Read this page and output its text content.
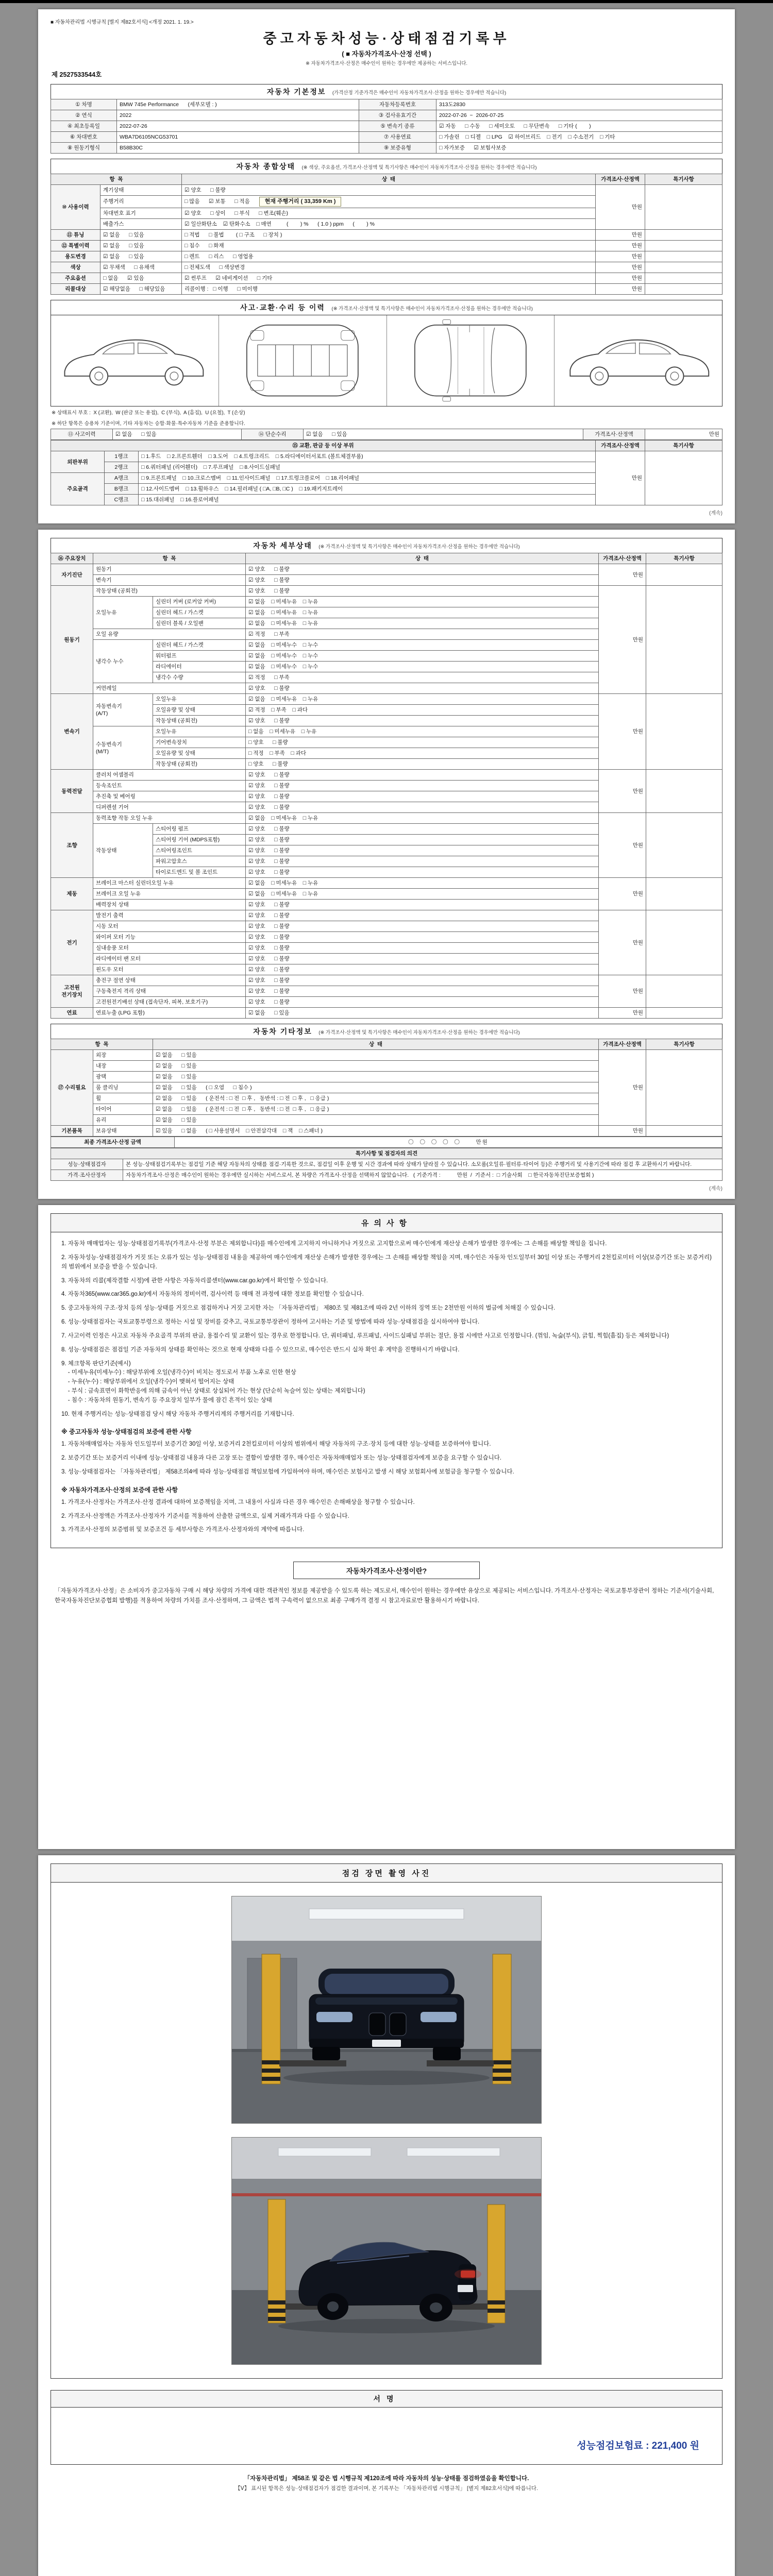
■ 자동차관리법 시행규칙 [별지 제82호서식] <개정 2021. 1. 19.>
중고자동차성능·상태점검기록부
( ■ 자동차가격조사·산정 선택 )
※ 자동차가격조사·산정은 매수인이 원하는 경우에만 제공하는 서비스입니다.
제 2527533544호
자동차 기본정보 (가격산정 기준가격은 매수인이 자동차가격조사·산정을 원하는 경우에만 적습니다)
① 차명	BMW 745e Performance      (세부모델 : )	자동차등록번호	313도2830
② 연식	2022	③ 검사유효기간	2022-07-26  ~  2026-07-25
④ 최초등록일	2022-07-26	⑤ 변속기 종류	☑ 자동      □ 수동      □ 세미오토      □ 무단변속      □ 기타 (        )
⑥ 차대번호	WBA7D6105NCG53701	⑦ 사용연료	□ 가솔린    □ 디젤    □ LPG    ☑ 하이브리드    □ 전기    □ 수소전기    □ 기타
⑧ 원동기형식	B58B30C	⑨ 보증유형	□ 자가보증      ☑ 보험사보증
자동차 종합상태 (※ 색상, 주요옵션, 가격조사·산정액 및 특기사항은 매수인이 자동차가격조사·산정을 원하는 경우에만 적습니다)
항  목		상  태	가격조사·산정액	특기사항
⑩ 사용이력	계기상태	☑ 양호      □ 불량	만원	
	주행거리	□ 많음      ☑ 보통      □ 적음 현재 주행거리 ( 33,359 Km )		
	차대번호 표기	☑ 양호      □ 상이      □ 부식      □ 변조(훼손)		
	배출가스	☑ 일산화탄소    ☑ 탄화수소    □ 매연          (        ) %      ( 1.0 ) ppm      (        ) %		
⑪ 튜닝	☑ 없음      □ 있음	□ 적법      □ 불법        ( □ 구조      □ 장치 )	만원	
⑫ 특별이력	☑ 없음      □ 있음	□ 침수      □ 화재	만원	
용도변경	☑ 없음      □ 있음	□ 렌트      □ 리스      □ 영업용	만원	
색상	☑ 무채색      □ 유채색	□ 전체도색      □ 색상변경	만원	
주요옵션	□ 없음      ☑ 있음	☑ 썬루프      ☑ 네비게이션      □ 기타	만원	
리콜대상	☑ 해당없음      □ 해당있음	리콜이행 :   □ 이행      □ 미이행	만원	
사고·교환·수리 등 이력 (※ 가격조사·산정액 및 특기사항은 매수인이 자동차가격조사·산정을 원하는 경우에만 적습니다)
※ 상태표시 부호 :  X (교환),  W (판금 또는 용접),  C (부식),  A (흠집),  U (요철),  T (손상)
※ 하단 항목은 승용차 기준이며, 기타 자동차는 승합·화물·특수자동차 기준을 준용합니다.
⑬ 사고이력	☑ 없음      □ 있음	⑭ 단순수리	☑ 없음      □ 있음	가격조사·산정액	만원
⑮ 교환, 판금 등 이상 부위			가격조사·산정액	특기사항
외판부위	1랭크	□ 1.후드    □ 2.프론트휀더    □ 3.도어    □ 4.트렁크리드    □ 5.라디에이터서포트 (볼트체결부품)	만원	
	2랭크	□ 6.쿼터패널 (리어휀더)    □ 7.루프패널    □ 8.사이드실패널		
주요골격	A랭크	□ 9.프론트패널    □ 10.크로스멤버    □ 11.인사이드패널    □ 17.트렁크플로어    □ 18.리어패널		
	B랭크	□ 12.사이드멤버    □ 13.휠하우스    □ 14.필러패널 ( □A, □B, □C )    □ 19.패키지트레이		
	C랭크	□ 15.대쉬패널    □ 16.플로어패널		
(계속)
자동차 세부상태 (※ 가격조사·산정액 및 특기사항은 매수인이 자동차가격조사·산정을 원하는 경우에만 적습니다)
⑯ 주요장치	항  목		상  태	가격조사·산정액	특기사항
자기진단	원동기		☑ 양호      □ 불량	만원	
	변속기		☑ 양호      □ 불량		
원동기	작동상태 (공회전)		☑ 양호      □ 불량	만원	
	오일누유	실린더 커버 (로커암 커버)	☑ 없음    □ 미세누유    □ 누유		
		실린더 헤드 / 가스켓	☑ 없음    □ 미세누유    □ 누유		
		실린더 블록 / 오일팬	☑ 없음    □ 미세누유    □ 누유		
	오일 유량		☑ 적정      □ 부족		
	냉각수 누수	실린더 헤드 / 가스켓	☑ 없음    □ 미세누수    □ 누수		
		워터펌프	☑ 없음    □ 미세누수    □ 누수		
		라디에이터	☑ 없음    □ 미세누수    □ 누수		
		냉각수 수량	☑ 적정      □ 부족		
	커먼레일		☑ 양호      □ 불량		
변속기	자동변속기
(A/T)	오일누유	☑ 없음    □ 미세누유    □ 누유	만원	
		오일유량 및 상태	☑ 적정    □ 부족    □ 과다		
		작동상태 (공회전)	☑ 양호      □ 불량		
	수동변속기
(M/T)	오일누유	□ 없음    □ 미세누유    □ 누유		
		기어변속장치	□ 양호      □ 불량		
		오일유량 및 상태	□ 적정    □ 부족    □ 과다		
		작동상태 (공회전)	□ 양호      □ 불량		
동력전달	클러치 어셈블리		☑ 양호      □ 불량	만원	
	등속조인트		☑ 양호      □ 불량		
	추진축 및 베어링		☑ 양호      □ 불량		
	디퍼렌셜 기어		☑ 양호      □ 불량		
조향	동력조향 작동 오일 누유		☑ 없음    □ 미세누유    □ 누유	만원	
	작동상태	스티어링 펌프	☑ 양호      □ 불량		
		스티어링 기어 (MDPS포함)	☑ 양호      □ 불량		
		스티어링조인트	☑ 양호      □ 불량		
		파워고압호스	☑ 양호      □ 불량		
		타이로드엔드 및 볼 조인트	☑ 양호      □ 불량		
제동	브레이크 마스터 실린더오일 누유		☑ 없음    □ 미세누유    □ 누유	만원	
	브레이크 오일 누유		☑ 없음    □ 미세누유    □ 누유		
	배력장치 상태		☑ 양호      □ 불량		
전기	발전기 출력		☑ 양호      □ 불량	만원	
	시동 모터		☑ 양호      □ 불량		
	와이퍼 모터 기능		☑ 양호      □ 불량		
	실내송풍 모터		☑ 양호      □ 불량		
	라디에이터 팬 모터		☑ 양호      □ 불량		
	윈도우 모터		☑ 양호      □ 불량		
고전원
전기장치	충전구 절연 상태		☑ 양호      □ 불량	만원	
	구동축전지 격리 상태		☑ 양호      □ 불량		
	고전원전기배선 상태 (접속단자, 피복, 보호기구)		☑ 양호      □ 불량		
연료	연료누출 (LPG 포함)		☑ 없음      □ 있음	만원	
자동차 기타정보 (※ 가격조사·산정액 및 특기사항은 매수인이 자동차가격조사·산정을 원하는 경우에만 적습니다)
항  목		상  태	가격조사·산정액	특기사항
⑰ 수리필요	외장	☑ 없음      □ 있음	만원	
	내장	☑ 없음      □ 있음		
	광택	☑ 없음      □ 있음		
	룸 클리닝	☑ 없음      □ 있음      ( □ 오염      □ 침수 )		
	휠	☑ 없음      □ 있음      ( 운전석 : □ 전  □ 후 ,   동반석 : □ 전  □ 후 ,   □ 응급 )		
	타이어	☑ 없음      □ 있음      ( 운전석 : □ 전  □ 후 ,   동반석 : □ 전  □ 후 ,   □ 응급 )		
	유리	☑ 없음      □ 있음		
기본품목	보유상태	☑ 있음      □ 없음      ( □ 사용설명서    □ 안전삼각대    □ 잭    □ 스패너 )	만원	
최종 가격조사·산정 금액	〇  〇  〇  〇  〇      만원
특기사항 및 점검자의 의견	
성능·상태점검자	본 성능·상태점검기록부는 점검일 기준 해당 자동차의 상태를 점검·기록한 것으로, 점검일 이후 운행 및 시간 경과에 따라 상태가 달라질 수 있습니다. 소모품(오일류·필터류·타이어 등)은 주행거리 및 사용기간에 따라 점검 후 교환하시기 바랍니다.
가격·조사산정자	자동차가격조사·산정은 매수인이 원하는 경우에만 실시하는 서비스로서, 본 차량은 가격조사·산정을 선택하지 않았습니다.   ( 기준가격 :           만원  /  기준서 :  □ 기술사회    □ 한국자동차진단보증협회 )
(계속)
유의사항

1. 자동차 매매업자는 성능·상태점검기록부(가격조사·산정 부분은 제외합니다)를 매수인에게 고지하지 아니하거나 거짓으로 고지함으로써 매수인에게 재산상 손해가 발생한 경우에는 그 손해를 배상할 책임을 집니다.

2. 자동차성능·상태점검자가 거짓 또는 오류가 있는 성능·상태점검 내용을 제공하여 매수인에게 재산상 손해가 발생한 경우에는 그 손해를 배상할 책임을 지며, 매수인은 자동차 인도일부터 30일 이상 또는 주행거리 2천킬로미터 이상(보증기간 또는 보증거리)의 범위에서 보증을 받을 수 있습니다.

3. 자동차의 리콜(제작결함 시정)에 관한 사항은 자동차리콜센터(www.car.go.kr)에서 확인할 수 있습니다.

4. 자동차365(www.car365.go.kr)에서 자동차의 정비이력, 검사이력 등 매매 전 과정에 대한 정보를 확인할 수 있습니다.

5. 중고자동차의 구조·장치 등의 성능·상태를 거짓으로 점검하거나 거짓 고지한 자는 「자동차관리법」 제80조 및 제81조에 따라 2년 이하의 징역 또는 2천만원 이하의 벌금에 처해질 수 있습니다.

6. 성능·상태점검자는 국토교통부령으로 정하는 시설 및 장비를 갖추고, 국토교통부장관이 정하여 고시하는 기준 및 방법에 따라 성능·상태점검을 실시하여야 합니다.

7. 사고이력 인정은 사고로 자동차 주요골격 부위의 판금, 용접수리 및 교환이 있는 경우로 한정합니다. 단, 쿼터패널, 루프패널, 사이드실패널 부위는 절단, 용접 시에만 사고로 인정합니다. (꺾임, 녹슮(부식), 긁힘, 찍힘(흠집) 등은 제외합니다)

8. 성능·상태점검은 점검일 기준 자동차의 상태를 확인하는 것으로 현재 상태와 다를 수 있으므로, 매수인은 반드시 실차 확인 후 계약을 진행하시기 바랍니다.

9. 체크항목 판단기준(예시)
- 미세누유(미세누수) : 해당부위에 오일(냉각수)이 비치는 정도로서 부품 노후로 인한 현상
- 누유(누수) : 해당부위에서 오일(냉각수)이 맺혀서 떨어지는 상태
- 부식 : 금속표면이 화학반응에 의해 금속이 아닌 상태로 상실되어 가는 현상 (단순히 녹슬어 있는 상태는 제외합니다)
- 침수 : 자동차의 원동기, 변속기 등 주요장치 일부가 물에 잠긴 흔적이 있는 상태

10. 현재 주행거리는 성능·상태점검 당시 해당 자동차 주행거리계의 주행거리를 기재합니다.

※ 중고자동차 성능·상태점검의 보증에 관한 사항

1. 자동차매매업자는 자동차 인도일부터 보증기간 30일 이상, 보증거리 2천킬로미터 이상의 범위에서 해당 자동차의 구조·장치 등에 대한 성능·상태를 보증하여야 합니다.

2. 보증기간 또는 보증거리 이내에 성능·상태점검 내용과 다른 고장 또는 결함이 발생한 경우, 매수인은 자동차매매업자 또는 성능·상태점검자에게 보증을 요구할 수 있습니다.

3. 성능·상태점검자는 「자동차관리법」 제58조의4에 따라 성능·상태점검 책임보험에 가입하여야 하며, 매수인은 보험사고 발생 시 해당 보험회사에 보험금을 청구할 수 있습니다.

※ 자동차가격조사·산정의 보증에 관한 사항

1. 가격조사·산정자는 가격조사·산정 결과에 대하여 보증책임을 지며, 그 내용이 사실과 다른 경우 매수인은 손해배상을 청구할 수 있습니다.

2. 가격조사·산정액은 가격조사·산정자가 기준서를 적용하여 산출한 금액으로, 실제 거래가격과 다를 수 있습니다.

3. 가격조사·산정의 보증범위 및 보증조건 등 세부사항은 가격조사·산정자와의 계약에 따릅니다.

자동차가격조사·산정이란?

「자동차가격조사·산정」은 소비자가 중고자동차 구매 시 해당 차량의 가격에 대한 객관적인 정보를 제공받을 수 있도록 하는 제도로서, 매수인이 원하는 경우에만 유상으로 제공되는 서비스입니다. 가격조사·산정자는 국토교통부장관이 정하는 기준서(기술사회, 한국자동차진단보증협회 발행)를 적용하여 차량의 가치를 조사·산정하며, 그 금액은 법적 구속력이 없으므로 최종 구매가격 결정 시 참고자료로만 활용하시기 바랍니다.

점검 장면 촬영 사진
서명
성능점검보험료 : 221,400 원

「자동차관리법」 제58조 및 같은 법 시행규칙 제120조에 따라 자동차의 성능·상태를 점검하였음을 확인합니다.

【Ⅴ】 표시된 항목은 성능·상태점검자가 점검한 결과이며, 본 기록부는 「자동차관리법 시행규칙」 [별지 제82호서식]에 따릅니다.
